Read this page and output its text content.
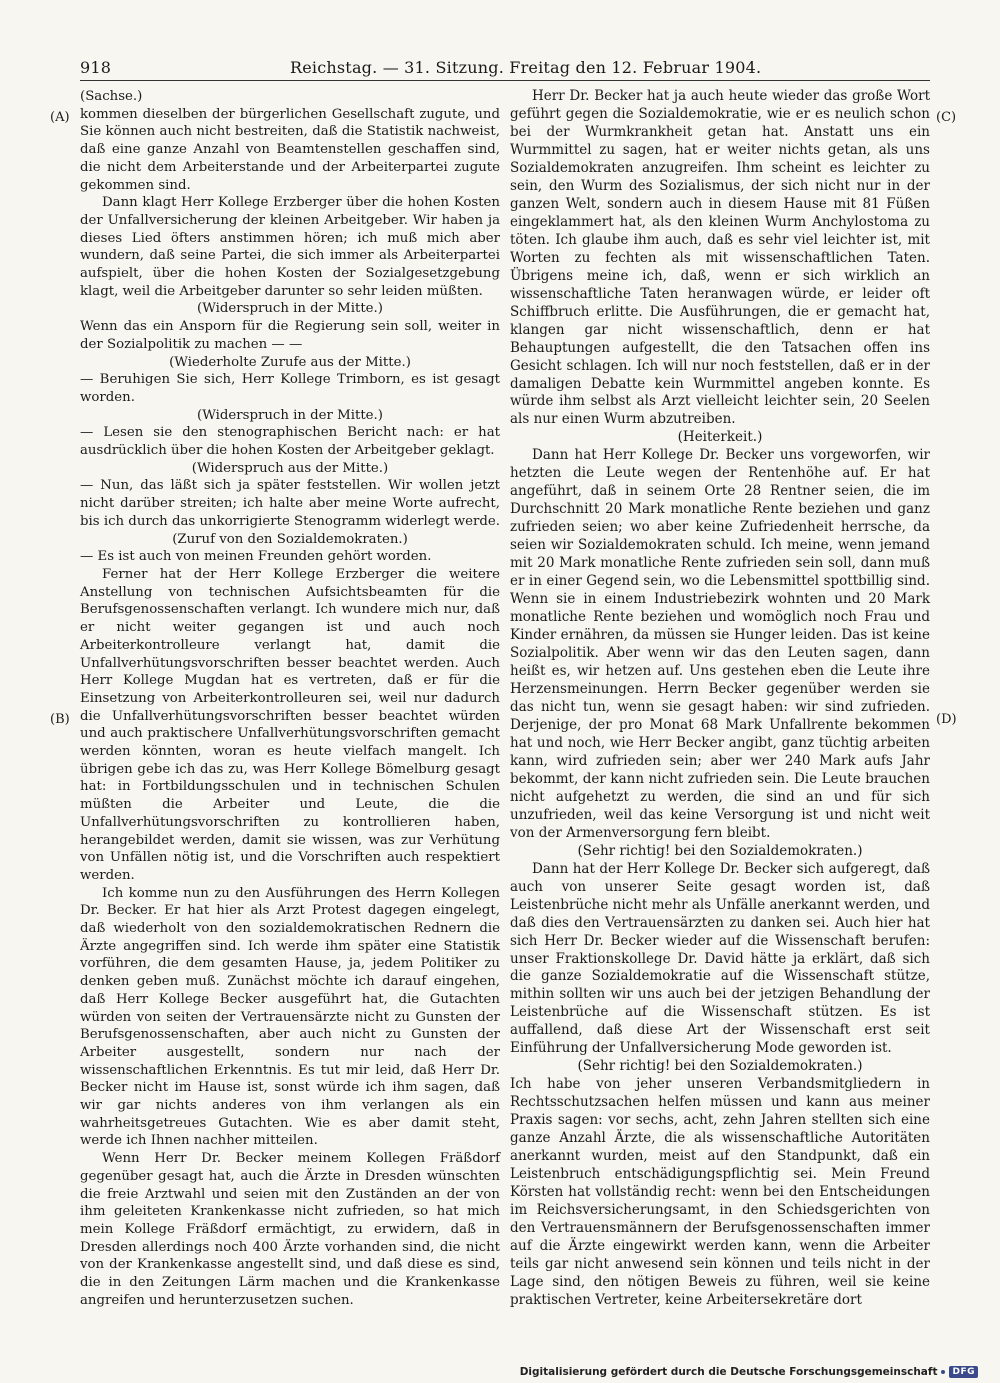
918	Reichstag. — 31. Sitzung. Freitag den 12. Februar 1904.
(A)
(B)
(C)
(D)

(Sachse.)

kommen dieselben der bürgerlichen Gesellschaft zugute, und Sie können auch nicht bestreiten, daß die Statistik nachweist, daß eine ganze Anzahl von Beamtenstellen geschaffen sind, die nicht dem Arbeiterstande und der Arbeiterpartei zugute gekommen sind.

Dann klagt Herr Kollege Erzberger über die hohen Kosten der Unfallversicherung der kleinen Arbeitgeber. Wir haben ja dieses Lied öfters anstimmen hören; ich muß mich aber wundern, daß seine Partei, die sich immer als Arbeiterpartei aufspielt, über die hohen Kosten der Sozialgesetzgebung klagt, weil die Arbeitgeber darunter so sehr leiden müßten.

(Widerspruch in der Mitte.)

Wenn das ein Ansporn für die Regierung sein soll, weiter in der Sozialpolitik zu machen — —

(Wiederholte Zurufe aus der Mitte.)

— Beruhigen Sie sich, Herr Kollege Trimborn, es ist gesagt worden.

(Widerspruch in der Mitte.)

— Lesen sie den stenographischen Bericht nach: er hat ausdrücklich über die hohen Kosten der Arbeitgeber geklagt.

(Widerspruch aus der Mitte.)

— Nun, das läßt sich ja später feststellen. Wir wollen jetzt nicht darüber streiten; ich halte aber meine Worte aufrecht, bis ich durch das unkorrigierte Stenogramm widerlegt werde.

(Zuruf von den Sozialdemokraten.)

— Es ist auch von meinen Freunden gehört worden.

Ferner hat der Herr Kollege Erzberger die weitere Anstellung von technischen Aufsichtsbeamten für die Berufsgenossenschaften verlangt. Ich wundere mich nur, daß er nicht weiter gegangen ist und auch noch Arbeiterkontrolleure verlangt hat, damit die Unfallverhütungsvorschriften besser beachtet werden. Auch Herr Kollege Mugdan hat es vertreten, daß er für die Einsetzung von Arbeiterkontrolleuren sei, weil nur dadurch die Unfallverhütungsvorschriften besser beachtet würden und auch praktischere Unfallverhütungsvorschriften gemacht werden könnten, woran es heute vielfach mangelt. Ich übrigen gebe ich das zu, was Herr Kollege Bömelburg gesagt hat: in Fortbildungsschulen und in technischen Schulen müßten die Arbeiter und Leute, die die Unfallverhütungsvorschriften zu kontrollieren haben, herangebildet werden, damit sie wissen, was zur Verhütung von Unfällen nötig ist, und die Vorschriften auch respektiert werden.

Ich komme nun zu den Ausführungen des Herrn Kollegen Dr. Becker. Er hat hier als Arzt Protest dagegen eingelegt, daß wiederholt von den sozialdemokratischen Rednern die Ärzte angegriffen sind. Ich werde ihm später eine Statistik vorführen, die dem gesamten Hause, ja, jedem Politiker zu denken geben muß. Zunächst möchte ich darauf eingehen, daß Herr Kollege Becker ausgeführt hat, die Gutachten würden von seiten der Vertrauensärzte nicht zu Gunsten der Berufsgenossenschaften, aber auch nicht zu Gunsten der Arbeiter ausgestellt, sondern nur nach der wissenschaftlichen Erkenntnis. Es tut mir leid, daß Herr Dr. Becker nicht im Hause ist, sonst würde ich ihm sagen, daß wir gar nichts anderes von ihm verlangen als ein wahrheitsgetreues Gutachten. Wie es aber damit steht, werde ich Ihnen nachher mitteilen.

Wenn Herr Dr. Becker meinem Kollegen Fräßdorf gegenüber gesagt hat, auch die Ärzte in Dresden wünschten die freie Arztwahl und seien mit den Zuständen an der von ihm geleiteten Krankenkasse nicht zufrieden, so hat mich mein Kollege Fräßdorf ermächtigt, zu erwidern, daß in Dresden allerdings noch 400 Ärzte vorhanden sind, die nicht von der Krankenkasse angestellt sind, und daß diese es sind, die in den Zeitungen Lärm machen und die Krankenkasse angreifen und herunterzusetzen suchen.

Herr Dr. Becker hat ja auch heute wieder das große Wort geführt gegen die Sozialdemokratie, wie er es neulich schon bei der Wurmkrankheit getan hat. Anstatt uns ein Wurmmittel zu sagen, hat er weiter nichts getan, als uns Sozialdemokraten anzugreifen. Ihm scheint es leichter zu sein, den Wurm des Sozialismus, der sich nicht nur in der ganzen Welt, sondern auch in diesem Hause mit 81 Füßen eingeklammert hat, als den kleinen Wurm Anchylostoma zu töten. Ich glaube ihm auch, daß es sehr viel leichter ist, mit Worten zu fechten als mit wissenschaftlichen Taten. Übrigens meine ich, daß, wenn er sich wirklich an wissenschaftliche Taten heranwagen würde, er leider oft Schiffbruch erlitte. Die Ausführungen, die er gemacht hat, klangen gar nicht wissenschaftlich, denn er hat Behauptungen aufgestellt, die den Tatsachen offen ins Gesicht schlagen. Ich will nur noch feststellen, daß er in der damaligen Debatte kein Wurmmittel angeben konnte. Es würde ihm selbst als Arzt vielleicht leichter sein, 20 Seelen als nur einen Wurm abzutreiben.

(Heiterkeit.)

Dann hat Herr Kollege Dr. Becker uns vorgeworfen, wir hetzten die Leute wegen der Rentenhöhe auf. Er hat angeführt, daß in seinem Orte 28 Rentner seien, die im Durchschnitt 20 Mark monatliche Rente beziehen und ganz zufrieden seien; wo aber keine Zufriedenheit herrsche, da seien wir Sozialdemokraten schuld. Ich meine, wenn jemand mit 20 Mark monatliche Rente zufrieden sein soll, dann muß er in einer Gegend sein, wo die Lebensmittel spottbillig sind. Wenn sie in einem Industriebezirk wohnten und 20 Mark monatliche Rente beziehen und womöglich noch Frau und Kinder ernähren, da müssen sie Hunger leiden. Das ist keine Sozialpolitik. Aber wenn wir das den Leuten sagen, dann heißt es, wir hetzen auf. Uns gestehen eben die Leute ihre Herzensmeinungen. Herrn Becker gegenüber werden sie das nicht tun, wenn sie gesagt haben: wir sind zufrieden. Derjenige, der pro Monat 68 Mark Unfallrente bekommen hat und noch, wie Herr Becker angibt, ganz tüchtig arbeiten kann, wird zufrieden sein; aber wer 240 Mark aufs Jahr bekommt, der kann nicht zufrieden sein. Die Leute brauchen nicht aufgehetzt zu werden, die sind an und für sich unzufrieden, weil das keine Versorgung ist und nicht weit von der Armenversorgung fern bleibt.

(Sehr richtig! bei den Sozialdemokraten.)

Dann hat der Herr Kollege Dr. Becker sich aufgeregt, daß auch von unserer Seite gesagt worden ist, daß Leistenbrüche nicht mehr als Unfälle anerkannt werden, und daß dies den Vertrauensärzten zu danken sei. Auch hier hat sich Herr Dr. Becker wieder auf die Wissenschaft berufen: unser Fraktionskollege Dr. David hätte ja erklärt, daß sich die ganze Sozialdemokratie auf die Wissenschaft stütze, mithin sollten wir uns auch bei der jetzigen Behandlung der Leistenbrüche auf die Wissenschaft stützen. Es ist auffallend, daß diese Art der Wissenschaft erst seit Einführung der Unfallversicherung Mode geworden ist.

(Sehr richtig! bei den Sozialdemokraten.)

Ich habe von jeher unseren Verbandsmitgliedern in Rechtsschutzsachen helfen müssen und kann aus meiner Praxis sagen: vor sechs, acht, zehn Jahren stellten sich eine ganze Anzahl Ärzte, die als wissenschaftliche Autoritäten anerkannt wurden, meist auf den Standpunkt, daß ein Leistenbruch entschädigungspflichtig sei. Mein Freund Körsten hat vollständig recht: wenn bei den Entscheidungen im Reichsversicherungsamt, in den Schiedsgerichten von den Vertrauensmännern der Berufsgenossenschaften immer auf die Ärzte eingewirkt werden kann, wenn die Arbeiter teils gar nicht anwesend sein können und teils nicht in der Lage sind, den nötigen Beweis zu führen, weil sie keine praktischen Vertreter, keine Arbeitersekretäre dort

Digitalisierung gefördert durch die Deutsche Forschungsgemeinschaft	DFG
